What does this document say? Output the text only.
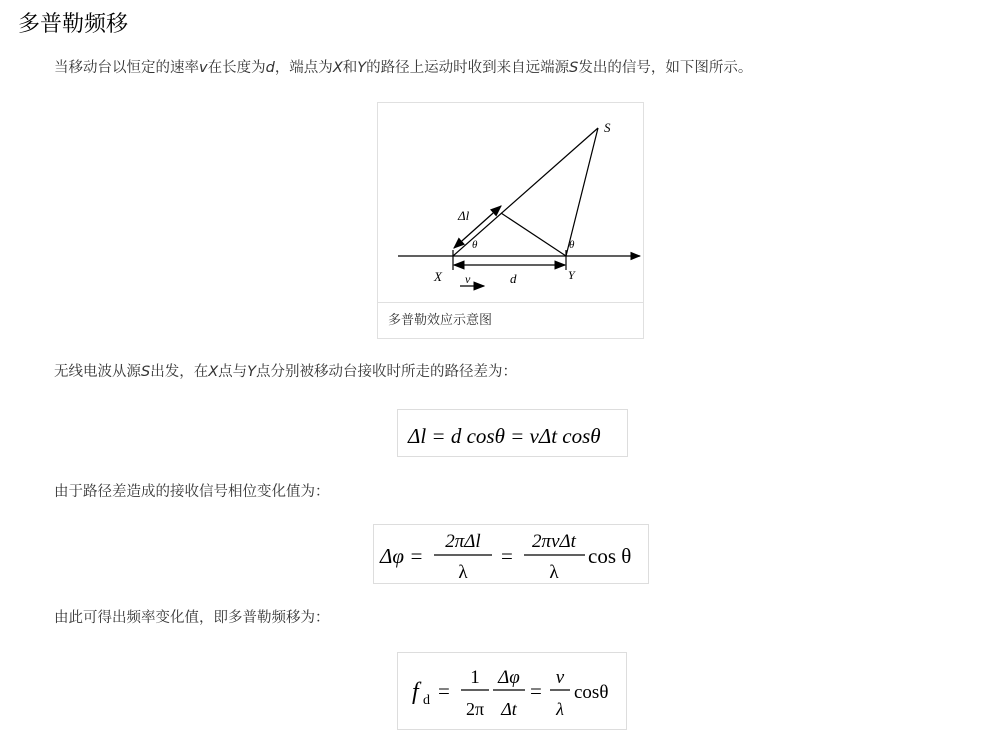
多普勒频移
当移动台以恒定的速率v在长度为d，端点为X和Y的路径上运动时收到来自远端源S发出的信号，如下图所示。
S
Δl
θ	θ
X	Y
v	d
多普勒效应示意图
无线电波从源S出发，在X点与Y点分别被移动台接收时所走的路径差为：
Δl = d cosθ = vΔt cosθ
由于路径差造成的接收信号相位变化值为：
Δφ =
2πΔl
λ
=
2πvΔt
λ
cos θ
由此可得出频率变化值，即多普勒频移为：
f d =
1
2π
Δφ
Δt
=
v
λ
cosθ
